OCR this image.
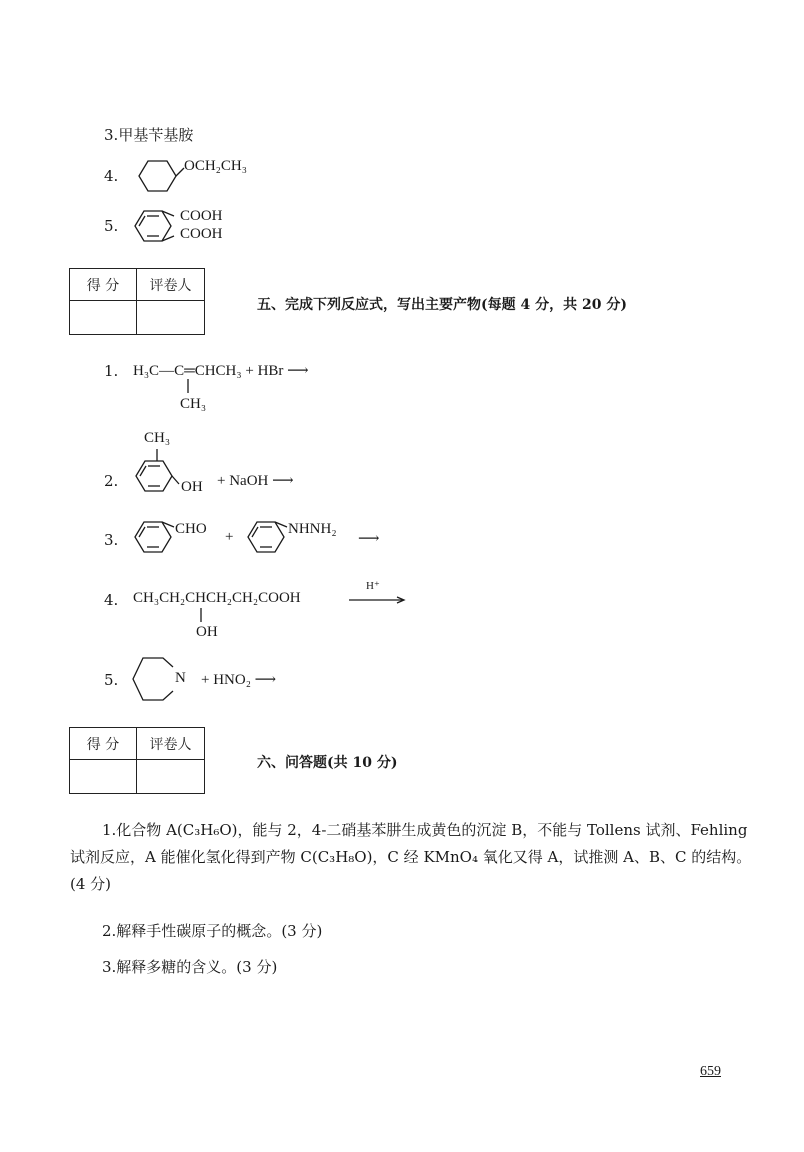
3.甲基苄基胺
4.
OCH₂CH₃
5.
COOH
COOH
得 分	评卷人

五、完成下列反应式，写出主要产物(每题 4 分，共 20 分)
1. H₃C—C═CHCH₃ + HBr ⟶
CH₃
CH₃
2.	OH + NaOH ⟶
3.
CHO +	NHNH₂
⟶
4. CH₃CH₂CHCH₂CH₂COOH
OH
H⁺
5.	N + HNO₂ ⟶
得 分	评卷人

六、问答题(共 10 分)
1.化合物 A(C₃H₆O)，能与 2，4-二硝基苯肼生成黄色的沉淀 B，不能与 Tollens 试剂、Fehling试剂反应，A 能催化氢化得到产物 C(C₃H₈O)，C 经 KMnO₄ 氧化又得 A，试推测 A、B、C 的结构。(4 分)
2.解释手性碳原子的概念。(3 分)
3.解释多糖的含义。(3 分)
659
